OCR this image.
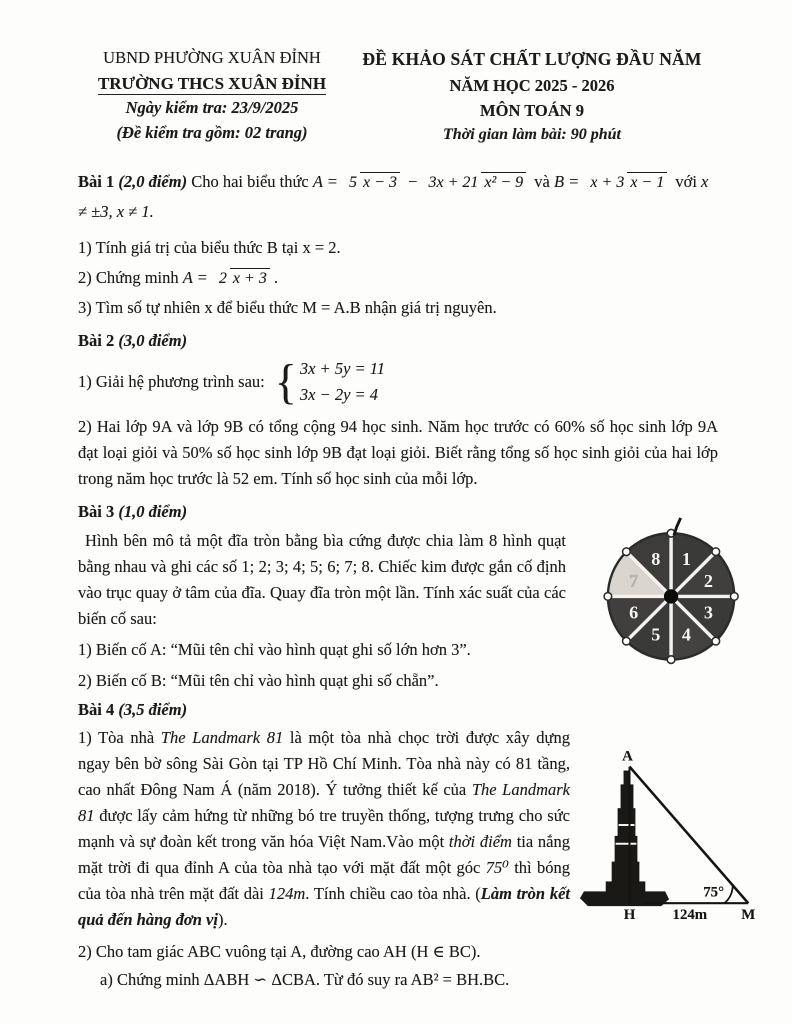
UBND PHƯỜNG XUÂN ĐỈNH
TRƯỜNG THCS XUÂN ĐỈNH
Ngày kiểm tra: 23/9/2025
(Đề kiểm tra gồm: 02 trang)
ĐỀ KHẢO SÁT CHẤT LƯỢNG ĐẦU NĂM
NĂM HỌC 2025 - 2026
MÔN TOÁN 9
Thời gian làm bài: 90 phút
Bài 1 (2,0 điểm) Cho hai biểu thức A = 5 x − 3 − 3x + 21 x² − 9 và B = x + 3 x − 1 với x ≠ ±3, x ≠ 1.
1) Tính giá trị của biểu thức B tại x = 2.
2) Chứng minh A = 2 x + 3 .
3) Tìm số tự nhiên x để biểu thức M = A.B nhận giá trị nguyên.
Bài 2 (3,0 điểm)
1) Giải hệ phương trình sau: { 3x + 5y = 11
3x − 2y = 4
2) Hai lớp 9A và lớp 9B có tổng cộng 94 học sinh. Năm học trước có 60% số học sinh lớp 9A đạt loại giỏi và 50% số học sinh lớp 9B đạt loại giỏi. Biết rằng tổng số học sinh giỏi của hai lớp trong năm học trước là 52 em. Tính số học sinh của mỗi lớp.
Bài 3 (1,0 điểm)
1
2
3
4
5
6
7
8
Hình bên mô tả một đĩa tròn bằng bìa cứng được chia làm 8 hình quạt bằng nhau và ghi các số 1; 2; 3; 4; 5; 6; 7; 8. Chiếc kim được gắn cố định vào trục quay ở tâm của đĩa. Quay đĩa tròn một lần. Tính xác suất của các biến cố sau:
1) Biến cố A: “Mũi tên chỉ vào hình quạt ghi số lớn hơn 3”.
2) Biến cố B: “Mũi tên chỉ vào hình quạt ghi số chẵn”.
Bài 4 (3,5 điểm)
A
H	M
75°
124m
1) Tòa nhà The Landmark 81 là một tòa nhà chọc trời được xây dựng ngay bên bờ sông Sài Gòn tại TP Hồ Chí Minh. Tòa nhà này có 81 tầng, cao nhất Đông Nam Á (năm 2018). Ý tưởng thiết kế của The Landmark 81 được lấy cảm hứng từ những bó tre truyền thống, tượng trưng cho sức mạnh và sự đoàn kết trong văn hóa Việt Nam.Vào một thời điểm tia nắng mặt trời đi qua đỉnh A của tòa nhà tạo với mặt đất một góc 75⁰ thì bóng của tòa nhà trên mặt đất dài 124m. Tính chiều cao tòa nhà. (Làm tròn kết quả đến hàng đơn vị).
2) Cho tam giác ABC vuông tại A, đường cao AH (H ∈ BC).
a) Chứng minh ΔABH ∽ ΔCBA. Từ đó suy ra AB² = BH.BC.
